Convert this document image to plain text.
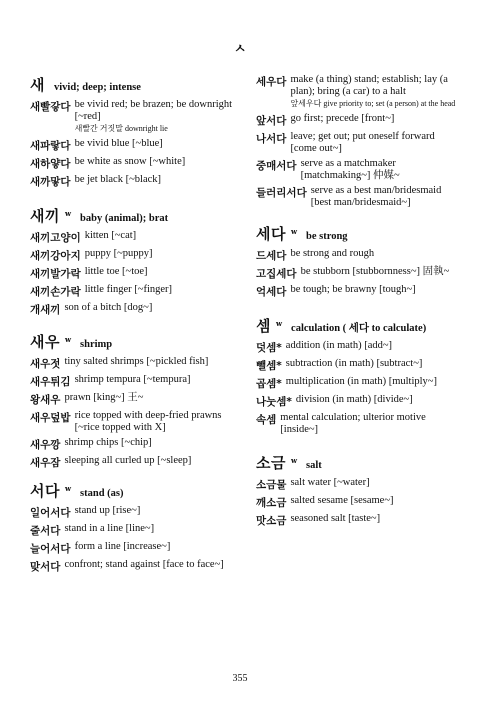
ㅅ
새 vivid; deep; intense
새빨갛다 be vivid red; be brazen; be downright [~red]
새빨간 거짓말 downright lie
새파랗다 be vivid blue [~blue]
새하얗다 be white as snow [~white]
새까맣다 be jet black [~black]
새끼 w baby (animal); brat
새끼고양이 kitten [~cat]
새끼강아지 puppy [~puppy]
새끼발가락 little toe [~toe]
새끼손가락 little finger [~finger]
개새끼 son of a bitch [dog~]
새우 w shrimp
새우젓 tiny salted shrimps [~pickled fish]
새우튀김 shrimp tempura [~tempura]
왕새우 prawn [king~] 王~
새우덮밥 rice topped with deep-fried prawns [~rice topped with X]
새우깡 shrimp chips [~chip]
새우잠 sleeping all curled up [~sleep]
서다 w stand (as)
일어서다 stand up [rise~]
줄서다 stand in a line [line~]
늘어서다 form a line [increase~]
맞서다 confront; stand against [face to face~]
세우다 make (a thing) stand; establish; lay (a plan); bring (a car) to a halt
앞세우다 give priority to; set (a person) at the head
앞서다 go first; precede [front~]
나서다 leave; get out; put oneself forward [come out~]
중매서다 serve as a matchmaker [matchmaking~] 仲媒~
들러리서다 serve as a best man/bridesmaid [best man/bridesmaid~]
세다 w be strong
드세다 be strong and rough
고집세다 be stubborn [stubbornness~] 固執~
억세다 be tough; be brawny [tough~]
셈 w calculation ( 세다 to calculate)
덧셈* addition (in math) [add~]
뺄셈* subtraction (in math) [subtract~]
곱셈* multiplication (in math) [multiply~]
나눗셈* division (in math) [divide~]
속셈 mental calculation; ulterior motive [inside~]
소금 w salt
소금물 salt water [~water]
깨소금 salted sesame [sesame~]
맛소금 seasoned salt [taste~]
355
